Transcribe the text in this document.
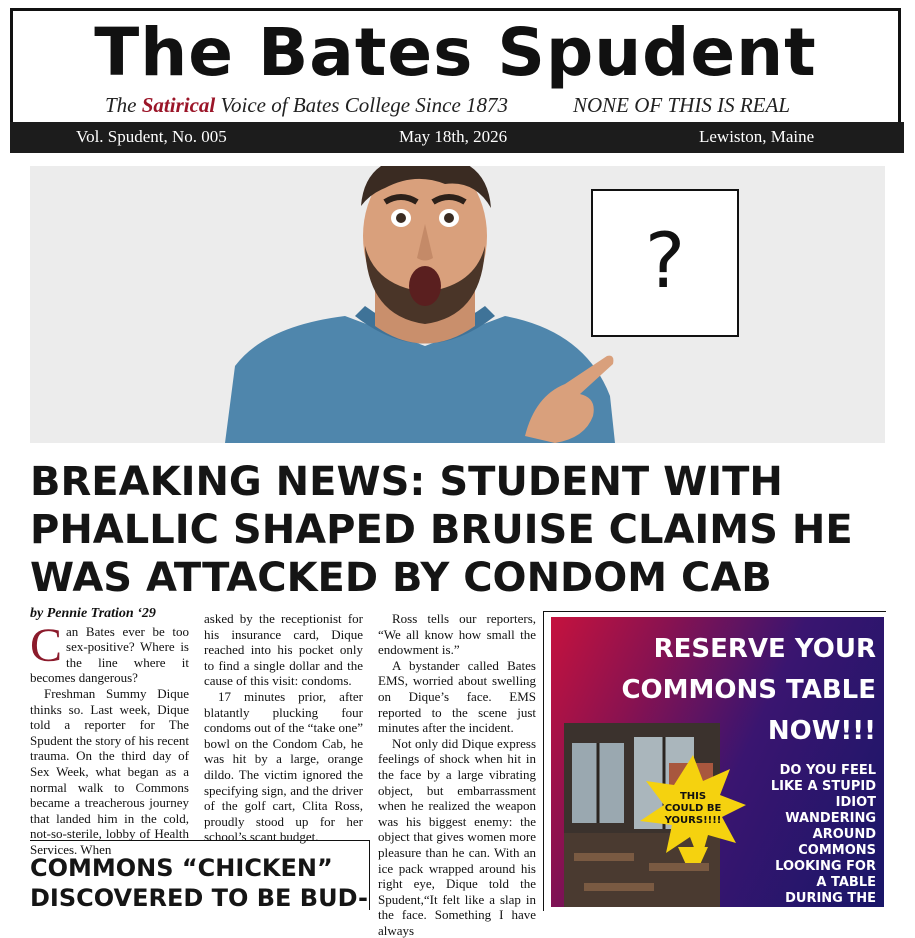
The Bates Spudent
The Satirical Voice of Bates College Since 1873	NONE OF THIS IS REAL
Vol. Spudent, No. 005	May 18th, 2026	Lewiston, Maine
?
BREAKING NEWS: STUDENT WITH PHALLIC SHAPED BRUISE CLAIMS HE WAS ATTACKED BY CONDOM CAB

by Pennie Tration ‘29

Can Bates ever be too sex-positive? Where is the line where it becomes dangerous?

Freshman Summy Dique thinks so. Last week, Dique told a reporter for The Spudent the story of his recent trauma. On the third day of Sex Week, what began as a normal walk to Commons became a treacherous journey that landed him in the cold, not-so-sterile, lobby of Health Services. When

asked by the receptionist for his insurance card, Dique reached into his pocket only to find a single dollar and the cause of this visit: condoms.

17 minutes prior, after blatantly plucking four condoms out of the “take one” bowl on the Condom Cab, he was hit by a large, orange dildo. The victim ignored the specifying sign, and the driver of the golf cart, Clita Ross, proudly stood up for her school’s scant budget.

Ross tells our reporters, “We all know how small the endowment is.”

A bystander called Bates EMS, worried about swelling on Dique’s face. EMS reported to the scene just minutes after the incident.

Not only did Dique express feelings of shock when hit in the face by a large vibrating object, but embarrassment when he realized the weapon was his biggest enemy: the object that gives women more pleasure than he can. With an ice pack wrapped around his right eye, Dique told the Spudent,“It felt like a slap in the face. Something I have always

COMMONS “CHICKEN” DISCOVERED TO BE BUD-
RESERVE YOUR
COMMONS TABLE
NOW!!!
THIS
COULD BE
YOURS!!!!
DO YOU FEEL
LIKE A STUPID
IDIOT
WANDERING
AROUND
COMMONS
LOOKING FOR
A TABLE
DURING THE
